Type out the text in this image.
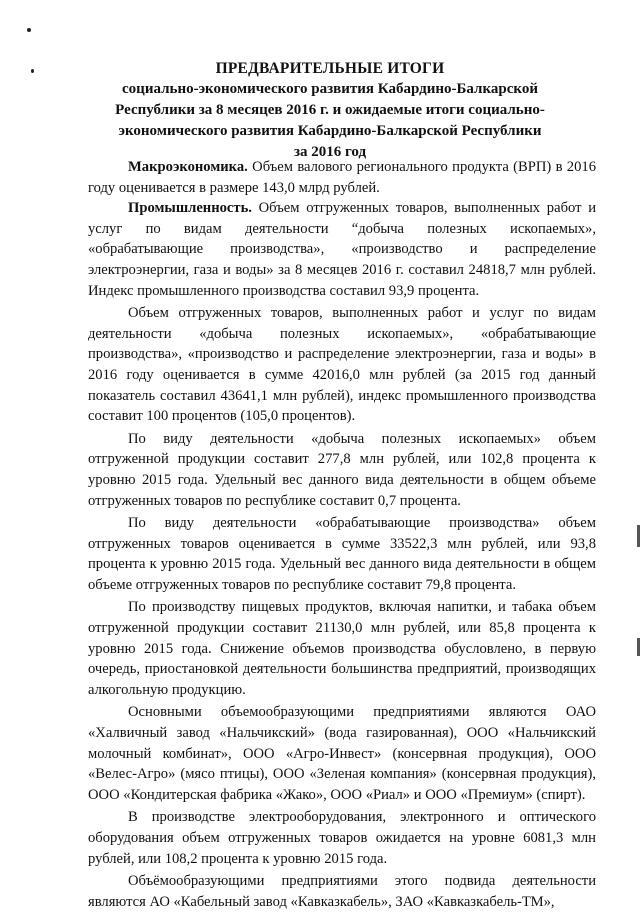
ПРЕДВАРИТЕЛЬНЫЕ ИТОГИ
социально-экономического развития Кабардино-Балкарской
Республики за 8 месяцев 2016 г. и ожидаемые итоги социально-
экономического развития Кабардино-Балкарской Республики
за 2016 год

Макроэкономика. Объем валового регионального продукта (ВРП) в 2016 году оценивается в размере 143,0 млрд рублей.

Промышленность. Объем отгруженных товаров, выполненных работ и услуг по видам деятельности “добыча полезных ископаемых», «обрабатывающие производства», «производство и распределение электроэнергии, газа и воды» за 8 месяцев 2016 г. составил 24818,7 млн рублей. Индекс промышленного производства составил 93,9 процента.

Объем отгруженных товаров, выполненных работ и услуг по видам деятельности «добыча полезных ископаемых», «обрабатывающие производства», «производство и распределение электроэнергии, газа и воды» в 2016 году оценивается в сумме 42016,0 млн рублей (за 2015 год данный показатель составил 43641,1 млн рублей), индекс промышленного производства составит 100 процентов (105,0 процентов).

По виду деятельности «добыча полезных ископаемых» объем отгруженной продукции составит 277,8 млн рублей, или 102,8 процента к уровню 2015 года. Удельный вес данного вида деятельности в общем объеме отгруженных товаров по республике составит 0,7 процента.

По виду деятельности «обрабатывающие производства» объем отгруженных товаров оценивается в сумме 33522,3 млн рублей, или 93,8 процента к уровню 2015 года. Удельный вес данного вида деятельности в общем объеме отгруженных товаров по республике составит 79,8 процента.

По производству пищевых продуктов, включая напитки, и табака объем отгруженной продукции составит 21130,0 млн рублей, или 85,8 процента к уровню 2015 года. Снижение объемов производства обусловлено, в первую очередь, приостановкой деятельности большинства предприятий, производящих алкогольную продукцию.

Основными объемообразующими предприятиями являются ОАО «Халвичный завод «Нальчикский» (вода газированная), ООО «Нальчикский молочный комбинат», ООО «Агро-Инвест» (консервная продукция), ООО «Велес-Агро» (мясо птицы), ООО «Зеленая компания» (консервная продукция), ООО «Кондитерская фабрика «Жако», ООО «Риал» и ООО «Премиум» (спирт).

В производстве электрооборудования, электронного и оптического оборудования объем отгруженных товаров ожидается на уровне 6081,3 млн рублей, или 108,2 процента к уровню 2015 года.

Объёмообразующими предприятиями этого подвида деятельности являются АО «Кабельный завод «Кавказкабель», ЗАО «Кавказкабель-ТМ»,
